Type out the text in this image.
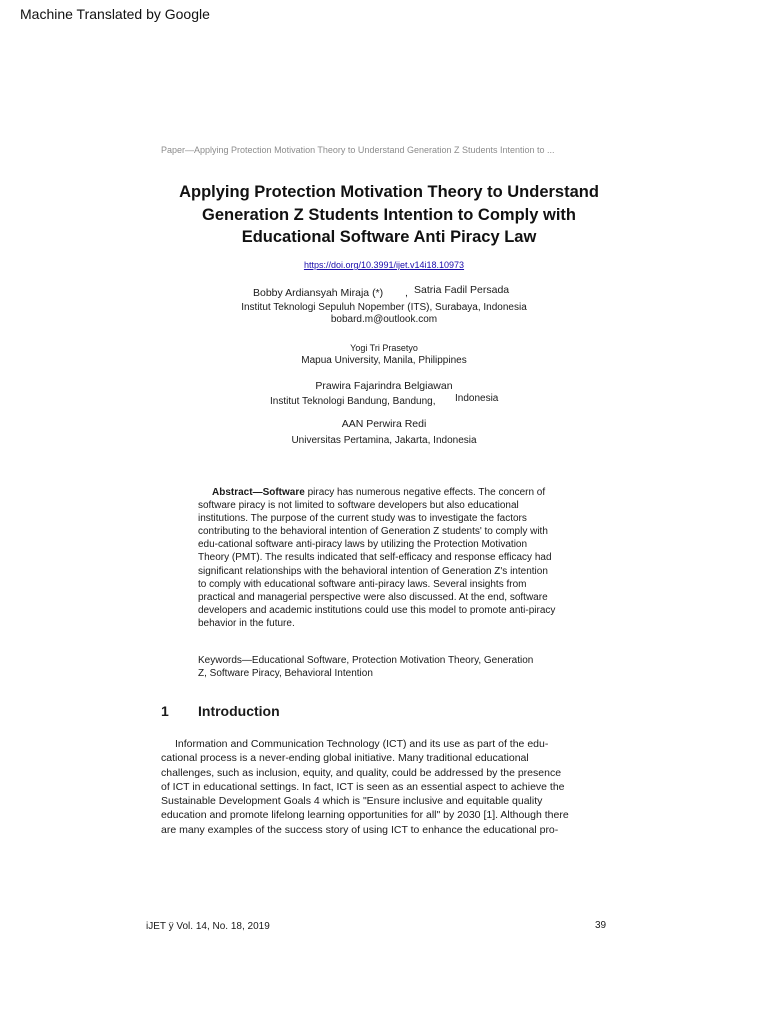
Machine Translated by Google
Paper—Applying Protection Motivation Theory to Understand Generation Z Students Intention to ...
Applying Protection Motivation Theory to Understand
Generation Z Students Intention to Comply with
Educational Software Anti Piracy Law
https://doi.org/10.3991/ijet.v14i18.10973
Bobby Ardiansyah Miraja (*) , Satria Fadil Persada
Institut Teknologi Sepuluh Nopember (ITS), Surabaya, Indonesia
bobard.m@outlook.com
Yogi Tri Prasetyo
Mapua University, Manila, Philippines
Prawira Fajarindra Belgiawan
Institut Teknologi Bandung, Bandung, Indonesia
AAN Perwira Redi
Universitas Pertamina, Jakarta, Indonesia
Abstract—Software piracy has numerous negative effects. The concern of
software piracy is not limited to software developers but also educational
institutions. The purpose of the current study was to investigate the factors
contributing to the behavioral intention of Generation Z students' to comply with
edu-cational software anti-piracy laws by utilizing the Protection Motivation
Theory (PMT). The results indicated that self-efficacy and response efficacy had
significant relationships with the behavioral intention of Generation Z's intention
to comply with educational software anti-piracy laws. Several insights from
practical and managerial perspective were also discussed. At the end, software
developers and academic institutions could use this model to promote anti-piracy
behavior in the future.
Keywords—Educational Software, Protection Motivation Theory, Generation
Z, Software Piracy, Behavioral Intention
1 Introduction
Information and Communication Technology (ICT) and its use as part of the edu-
cational process is a never-ending global initiative. Many traditional educational
challenges, such as inclusion, equity, and quality, could be addressed by the presence
of ICT in educational settings. In fact, ICT is seen as an essential aspect to achieve the
Sustainable Development Goals 4 which is "Ensure inclusive and equitable quality
education and promote lifelong learning opportunities for all" by 2030 [1]. Although there
are many examples of the success story of using ICT to enhance the educational pro-
iJET ÿ Vol. 14, No. 18, 2019	39
